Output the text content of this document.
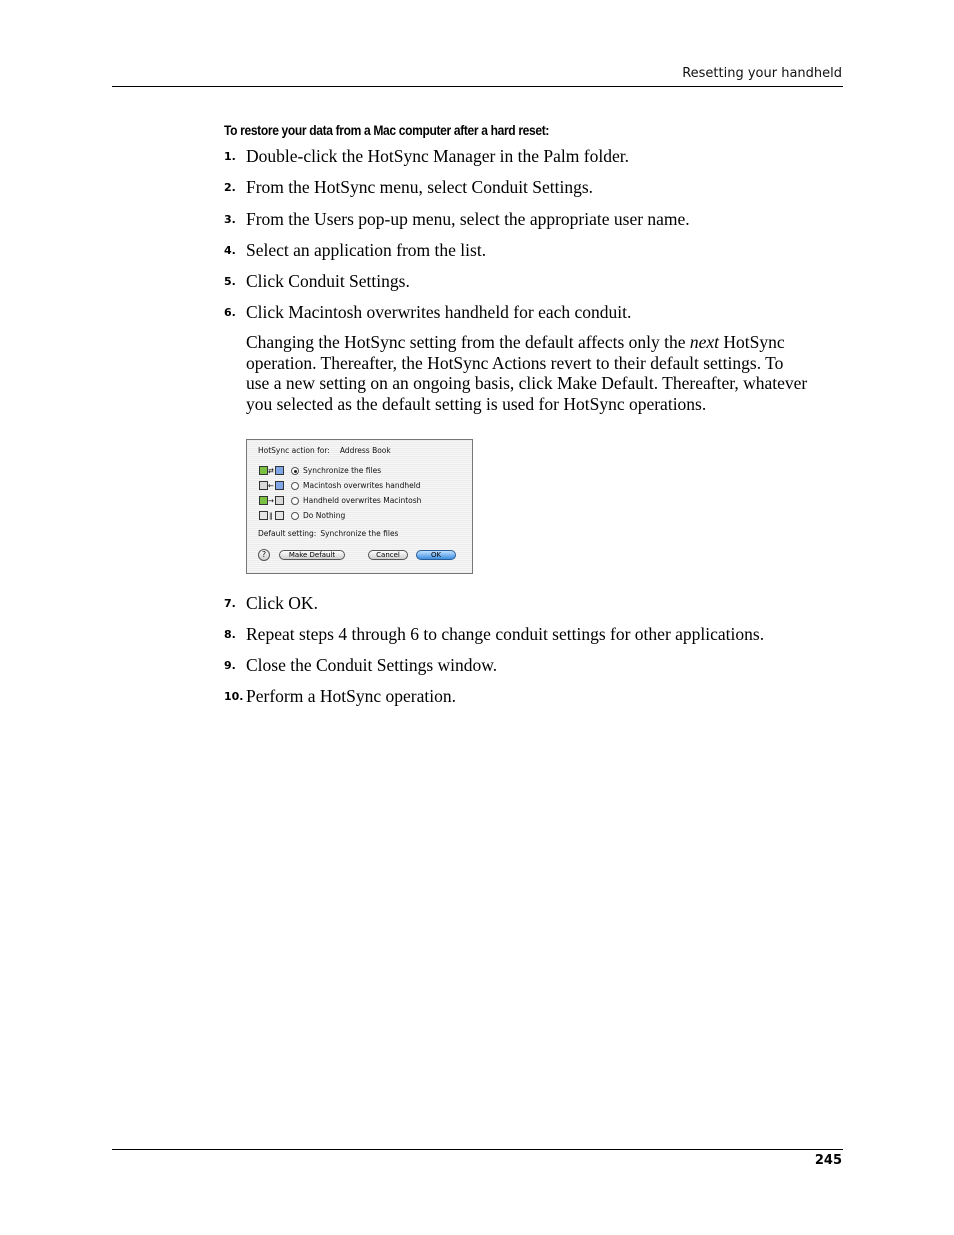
Resetting your handheld
To restore your data from a Mac computer after a hard reset:
1. Double-click the HotSync Manager in the Palm folder.
2. From the HotSync menu, select Conduit Settings.
3. From the Users pop-up menu, select the appropriate user name.
4. Select an application from the list.
5. Click Conduit Settings.
6. Click Macintosh overwrites handheld for each conduit.

Changing the HotSync setting from the default affects only the next HotSync
operation. Thereafter, the HotSync Actions revert to their default settings. To
use a new setting on an ongoing basis, click Make Default. Thereafter, whatever
you selected as the default setting is used for HotSync operations.

HotSync action for: Address Book
⇄	Synchronize the files
←	Macintosh overwrites handheld
→	Handheld overwrites Macintosh
‖	Do Nothing
Default setting: Synchronize the files
?	Make Default	Cancel	OK
7. Click OK.
8. Repeat steps 4 through 6 to change conduit settings for other applications.
9. Close the Conduit Settings window.
10. Perform a HotSync operation.
245
